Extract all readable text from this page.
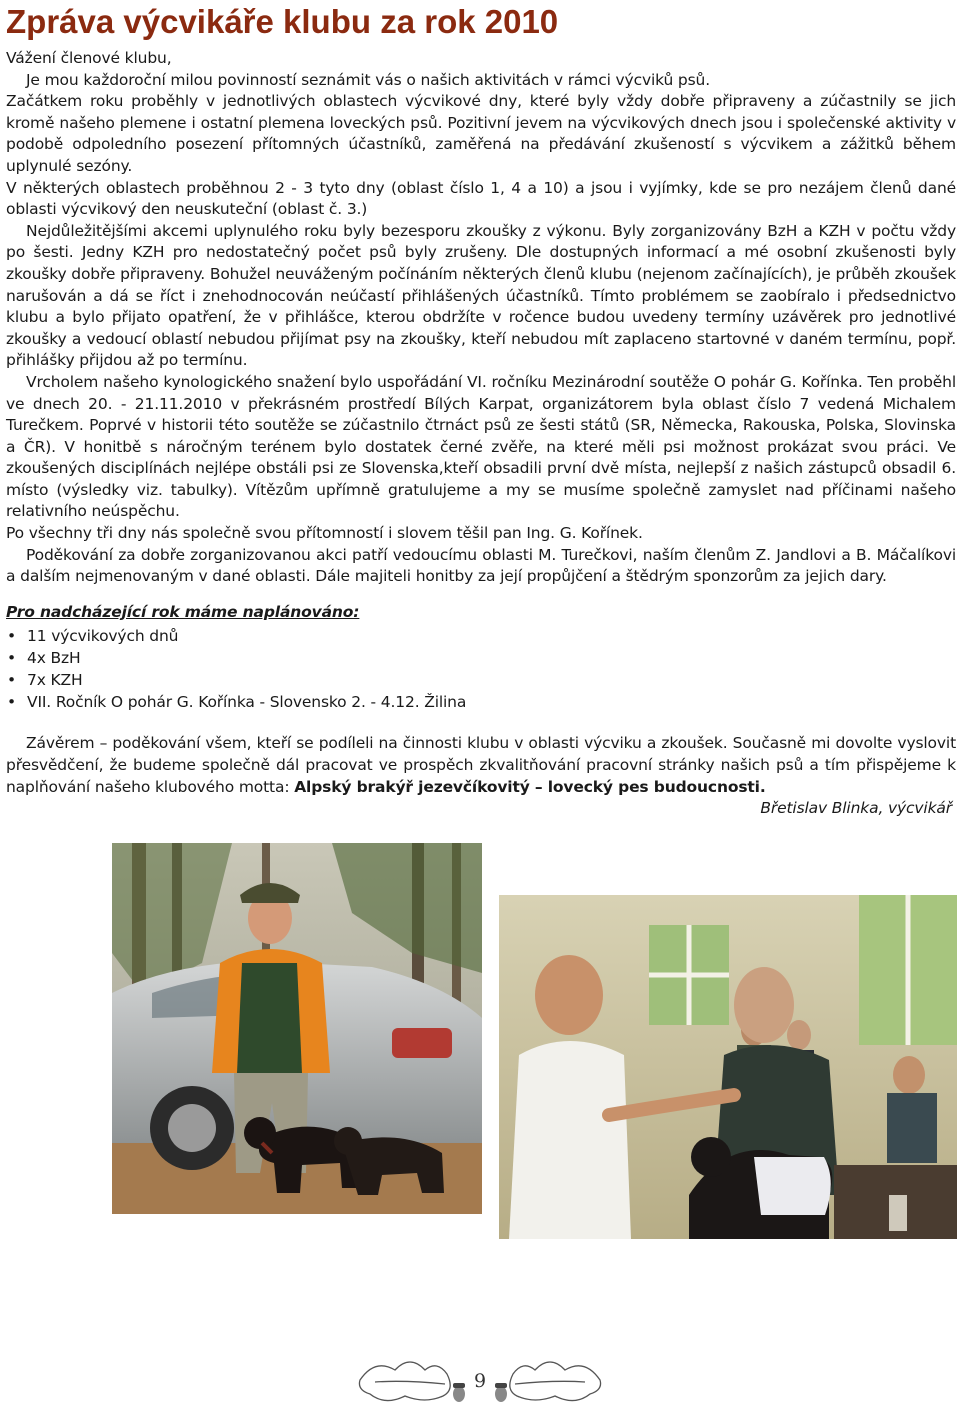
Zpráva výcvikáře klubu za rok 2010

Vážení členové klubu,

Je mou každoroční milou povinností seznámit vás o našich aktivitách v rámci výcviků psů.

Začátkem roku proběhly v jednotlivých oblastech výcvikové dny, které byly vždy dobře připraveny a zúčastnily se jich kromě našeho plemene i ostatní plemena loveckých psů. Pozitivní jevem na výcvikových dnech jsou i společenské aktivity v podobě odpoledního posezení přítomných účastníků, zaměřená na předávání zkušeností s výcvikem a zážitků během uplynulé sezóny.

V některých oblastech proběhnou 2 - 3 tyto dny (oblast číslo 1, 4 a 10) a jsou i vyjímky, kde se pro nezájem členů dané oblasti výcvikový den neuskuteční (oblast č. 3.)

Nejdůležitějšími akcemi uplynulého roku byly bezesporu zkoušky z výkonu. Byly zorganizovány BzH a KZH v počtu vždy po šesti. Jedny KZH pro nedostatečný počet psů byly zrušeny. Dle dostupných informací a mé osobní zkušenosti byly zkoušky dobře připraveny. Bohužel neuváženým počínáním některých členů klubu (nejenom začínajících), je průběh zkoušek narušován a dá se říct i znehodnocován neúčastí přihlášených účastníků. Tímto problémem se zaobíralo i předsednictvo klubu a bylo přijato opatření, že v přihlášce, kterou obdržíte v ročence budou uvedeny termíny uzávěrek pro jednotlivé zkoušky a vedoucí oblastí nebudou přijímat psy na zkoušky, kteří nebudou mít zaplaceno startovné v daném termínu, popř. přihlášky přijdou až po termínu.

Vrcholem našeho kynologického snažení bylo uspořádání VI. ročníku Mezinárodní soutěže O pohár G. Kořínka. Ten proběhl ve dnech 20. - 21.11.2010 v překrásném prostředí Bílých Karpat, organizátorem byla oblast číslo 7 vedená Michalem Turečkem. Poprvé v historii této soutěže se zúčastnilo čtrnáct psů ze šesti států (SR, Německa, Rakouska, Polska, Slovinska a ČR). V honitbě s náročným terénem bylo dostatek černé zvěře, na které měli psi možnost prokázat svou práci. Ve zkoušených disciplínách nejlépe obstáli psi ze Slovenska,kteří obsadili první dvě místa, nejlepší z našich zástupců obsadil 6. místo (výsledky viz. tabulky). Vítězům upřímně gratulujeme a my se musíme společně zamyslet nad příčinami našeho relativního neúspěchu.

Po všechny tři dny nás společně svou přítomností i slovem těšil pan Ing. G. Kořínek.

Poděkování za dobře zorganizovanou akci patří vedoucímu oblasti M. Turečkovi, naším členům Z. Jandlovi a B. Máčalíkovi a dalším nejmenovaným v dané oblasti. Dále majiteli honitby za její propůjčení a štědrým sponzorům za jejich dary.

Pro nadcházející rok máme naplánováno:

• 11 výcvikových dnů
• 4x BzH
• 7x KZH
• VII. Ročník O pohár G. Kořínka - Slovensko 2. - 4.12. Žilina

Závěrem – poděkování všem, kteří se podíleli na činnosti klubu v oblasti výcviku a zkoušek. Současně mi dovolte vyslovit přesvědčení, že budeme společně dál pracovat ve prospěch zkvalitňování pracovní stránky našich psů a tím přispějeme k naplňování našeho klubového motta: Alpský brakýř jezevčíkovitý – lovecký pes budoucnosti.

Břetislav Blinka, výcvikář

9
